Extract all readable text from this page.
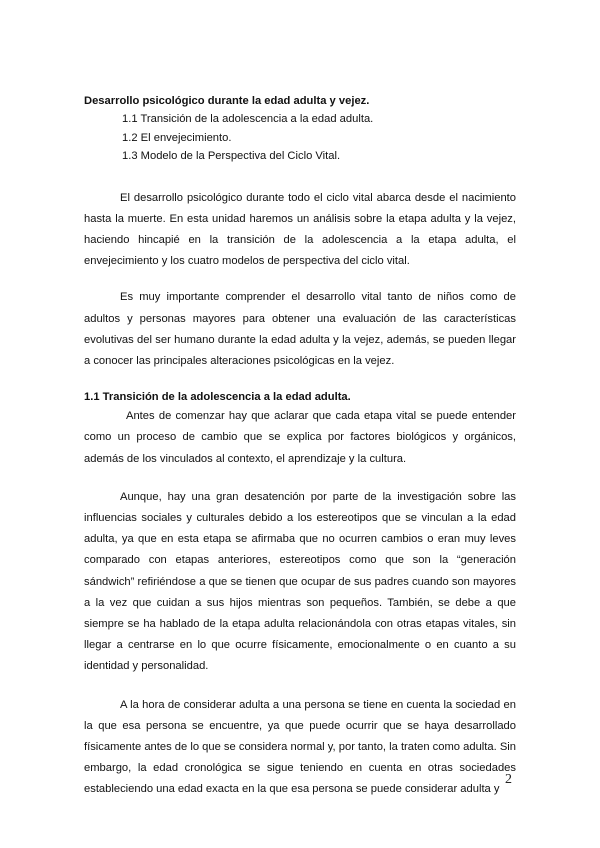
Desarrollo psicológico durante la edad adulta y vejez.

1.1 Transición de la adolescencia a la edad adulta.
1.2 El envejecimiento.
1.3 Modelo de la Perspectiva del Ciclo Vital.

El desarrollo psicológico durante todo el ciclo vital abarca desde el nacimiento hasta la muerte. En esta unidad haremos un análisis sobre la etapa adulta y la vejez, haciendo hincapié en la transición de la adolescencia a la etapa adulta, el envejecimiento y los cuatro modelos de perspectiva del ciclo vital.

Es muy importante comprender el desarrollo vital tanto de niños como de adultos y personas mayores para obtener una evaluación de las características evolutivas del ser humano durante la edad adulta y la vejez, además, se pueden llegar a conocer las principales alteraciones psicológicas en la vejez.

1.1 Transición de la adolescencia a la edad adulta.

Antes de comenzar hay que aclarar que cada etapa vital se puede entender como un proceso de cambio que se explica por factores biológicos y orgánicos, además de los vinculados al contexto, el aprendizaje y la cultura.

Aunque, hay una gran desatención por parte de la investigación sobre las influencias sociales y culturales debido a los estereotipos que se vinculan a la edad adulta, ya que en esta etapa se afirmaba que no ocurren cambios o eran muy leves comparado con etapas anteriores, estereotipos como que son la “generación sándwich” refiriéndose a que se tienen que ocupar de sus padres cuando son mayores a la vez que cuidan a sus hijos mientras son pequeños. También, se debe a que siempre se ha hablado de la etapa adulta relacionándola con otras etapas vitales, sin llegar a centrarse en lo que ocurre físicamente, emocionalmente o en cuanto a su identidad y personalidad.

A la hora de considerar adulta a una persona se tiene en cuenta la sociedad en la que esa persona se encuentre, ya que puede ocurrir que se haya desarrollado físicamente antes de lo que se considera normal y, por tanto, la traten como adulta. Sin embargo, la edad cronológica se sigue teniendo en cuenta en otras sociedades estableciendo una edad exacta en la que esa persona se puede considerar adulta y

2
